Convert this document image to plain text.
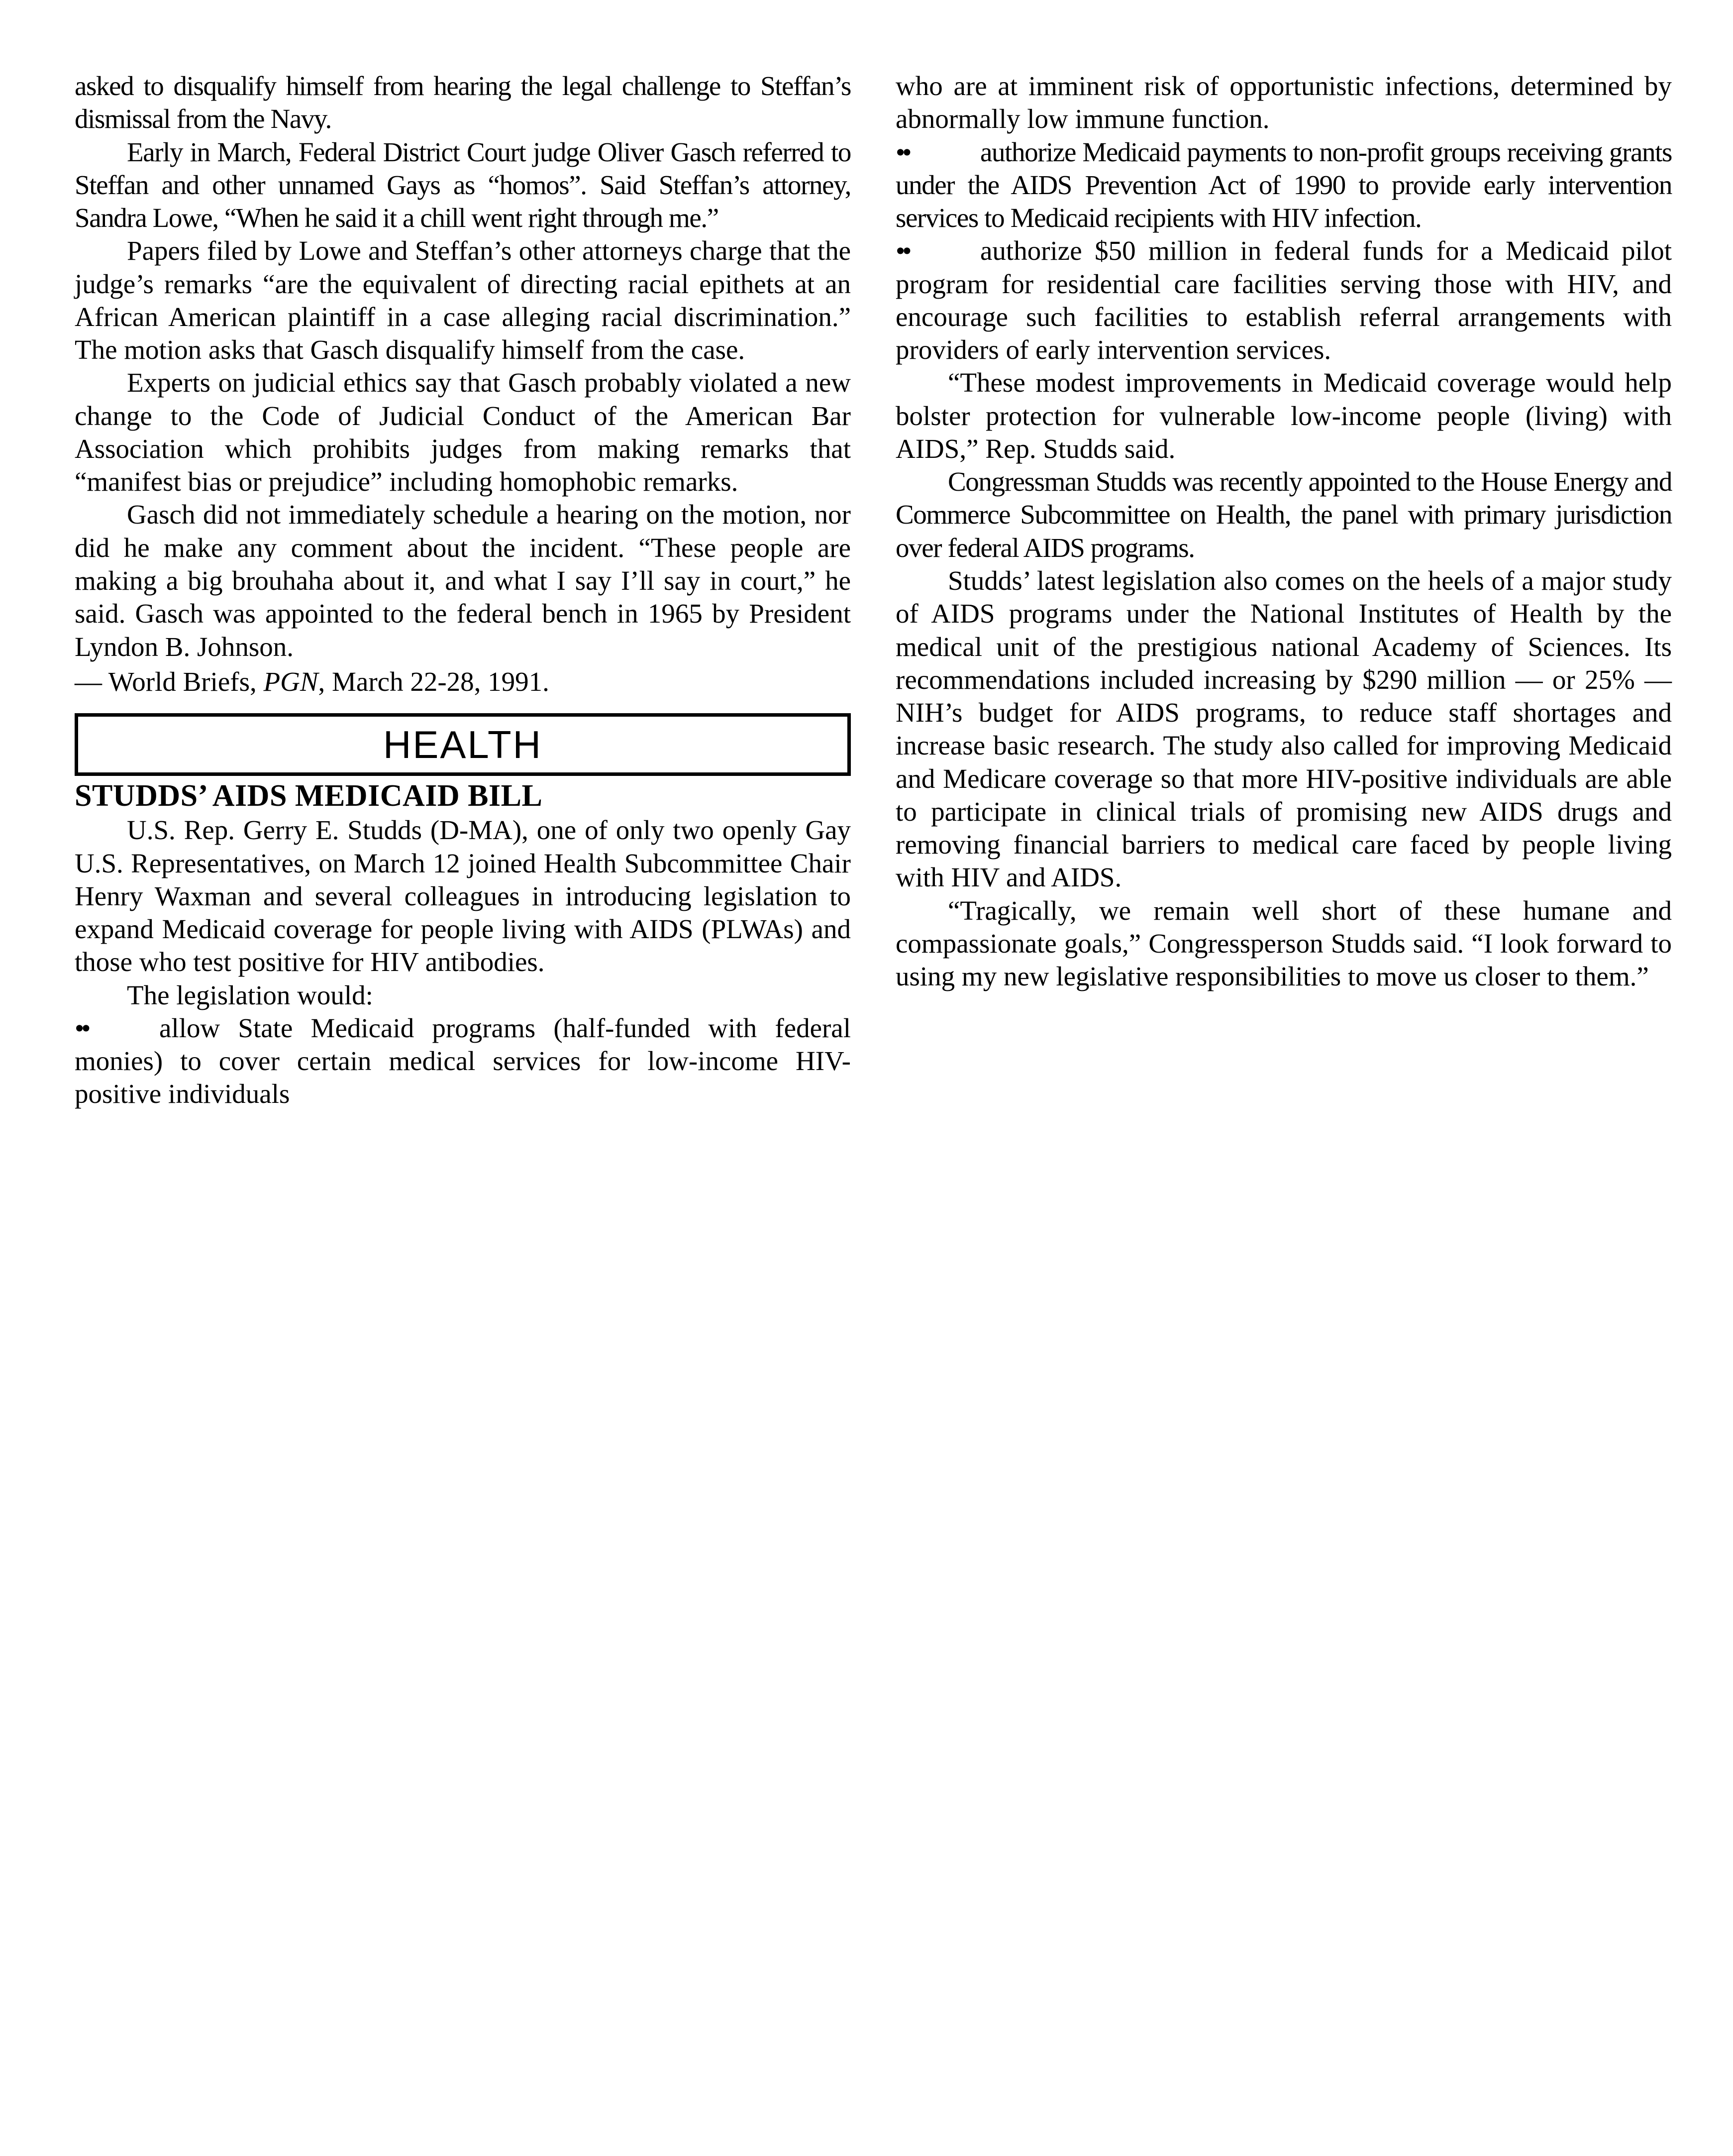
asked to disqualify himself from hearing the legal challenge to Steffan’s dismissal from the Navy.

Early in March, Federal District Court judge Oliver Gasch referred to Steffan and other unnamed Gays as “homos”. Said Steffan’s attorney, Sandra Lowe, “When he said it a chill went right through me.”

Papers filed by Lowe and Steffan’s other attorneys charge that the judge’s remarks “are the equivalent of directing racial epithets at an African American plaintiff in a case alleging racial discrimination.” The motion asks that Gasch disqualify himself from the case.

Experts on judicial ethics say that Gasch probably violated a new change to the Code of Judicial Conduct of the American Bar Association which prohibits judges from making remarks that “manifest bias or prejudice” including homophobic remarks.

Gasch did not immediately schedule a hearing on the motion, nor did he make any comment about the incident. “These people are making a big brouhaha about it, and what I say I’ll say in court,” he said. Gasch was appointed to the federal bench in 1965 by President Lyndon B. Johnson.

— World Briefs, PGN, March 22-28, 1991.
HEALTH
STUDDS’ AIDS MEDICAID BILL

U.S. Rep. Gerry E. Studds (D-MA), one of only two openly Gay U.S. Representatives, on March 12 joined Health Subcommittee Chair Henry Waxman and several colleagues in introducing legislation to expand Medicaid coverage for people living with AIDS (PLWAs) and those who test positive for HIV antibodies.

The legislation would:

••	allow State Medicaid programs (half-funded with federal monies) to cover certain medical services for low-income HIV-positive individuals

who are at imminent risk of opportunistic infections, determined by abnormally low immune function.

••	authorize Medicaid payments to non-profit groups receiving grants under the AIDS Prevention Act of 1990 to provide early intervention services to Medicaid recipients with HIV infection.

••	authorize $50 million in federal funds for a Medicaid pilot program for residential care facilities serving those with HIV, and encourage such facilities to establish referral arrangements with providers of early intervention services.

“These modest improvements in Medicaid coverage would help bolster protection for vulnerable low-income people (living) with AIDS,” Rep. Studds said.

Congressman Studds was recently appointed to the House Energy and Commerce Subcommittee on Health, the panel with primary jurisdiction over federal AIDS programs.

Studds’ latest legislation also comes on the heels of a major study of AIDS programs under the National Institutes of Health by the medical unit of the prestigious national Academy of Sciences. Its recommendations included increasing by $290 million — or 25% — NIH’s budget for AIDS programs, to reduce staff shortages and increase basic research. The study also called for improving Medicaid and Medicare coverage so that more HIV-positive individuals are able to participate in clinical trials of promising new AIDS drugs and removing financial barriers to medical care faced by people living with HIV and AIDS.

“Tragically, we remain well short of these humane and compassionate goals,” Congressperson Studds said. “I look forward to using my new legislative responsibilities to move us closer to them.”
